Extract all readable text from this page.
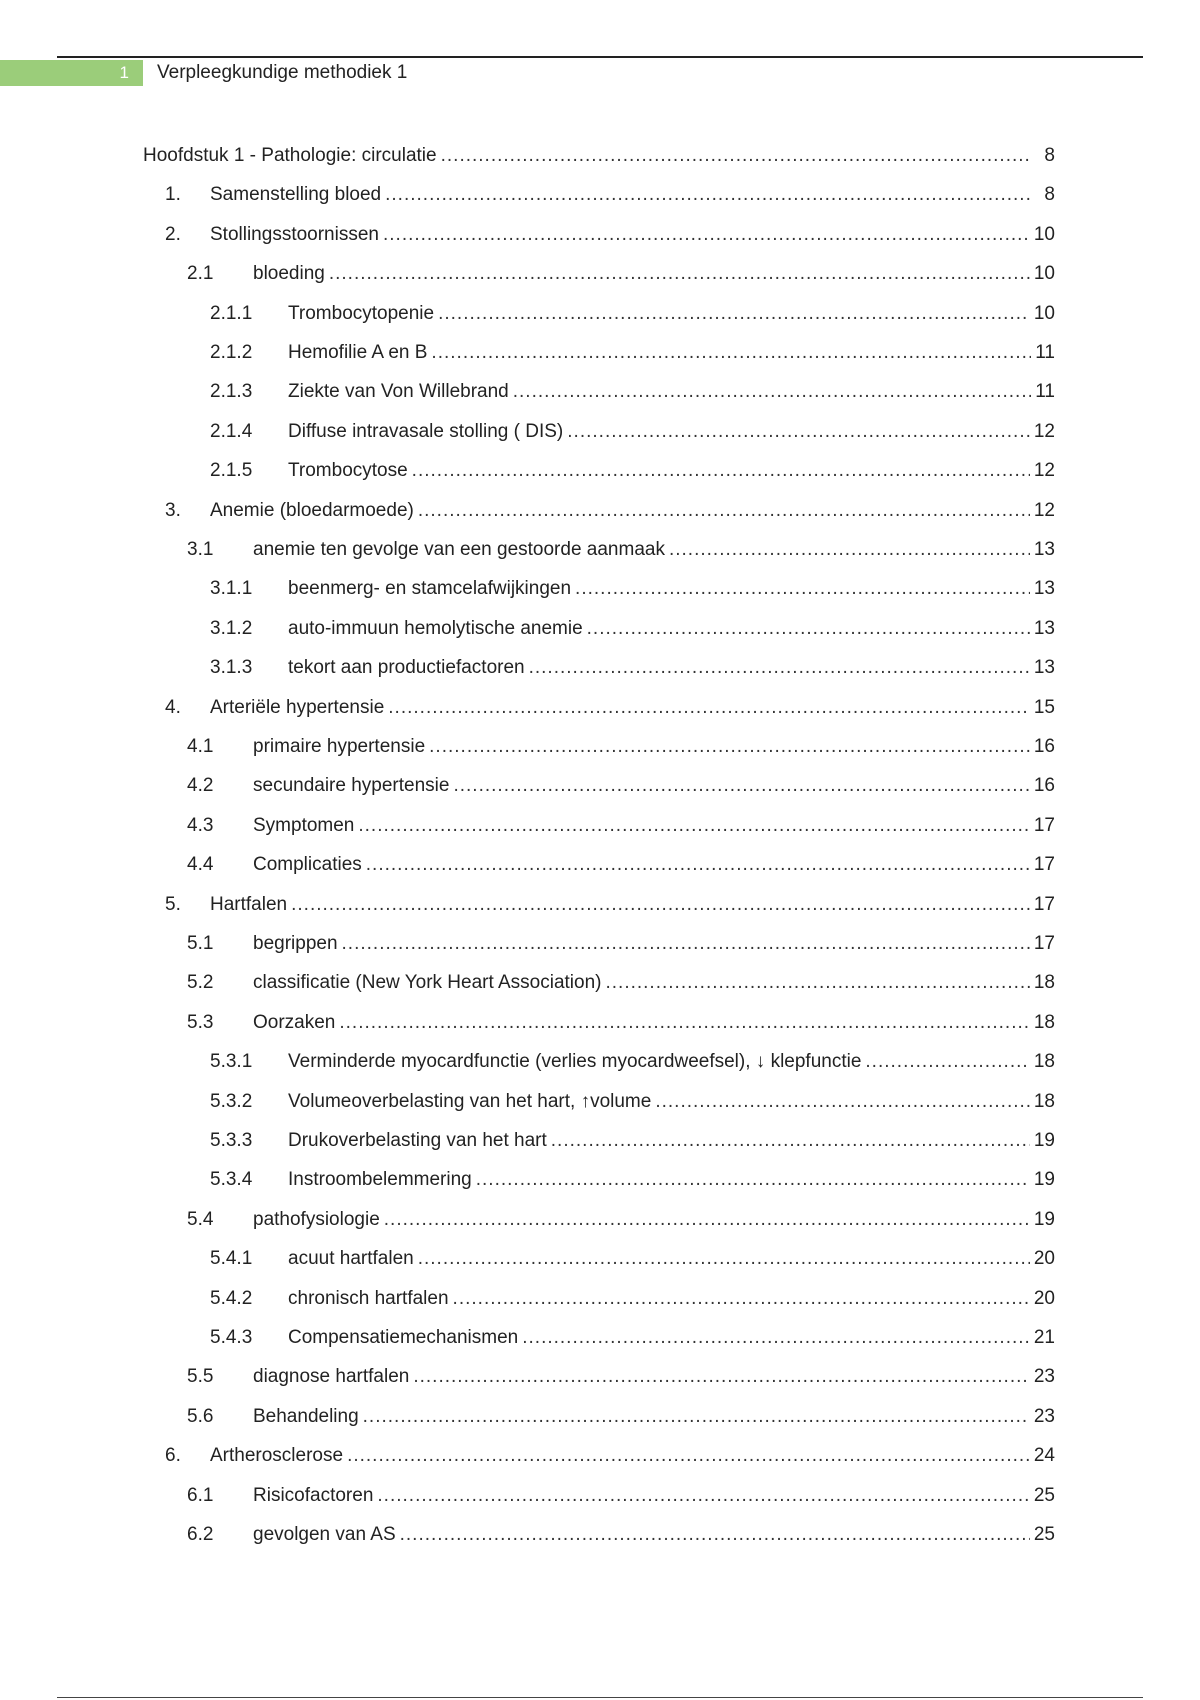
1	Verpleegkundige methodiek 1
Hoofdstuk 1 - Pathologie: circulatie .....	8
1.	Samenstelling bloed .....	8
2.	Stollingsstoornissen .....	10
2.1	bloeding .....	10
2.1.1	Trombocytopenie .....	10
2.1.2	Hemofilie A en B .....	11
2.1.3	Ziekte van Von Willebrand .....	11
2.1.4	Diffuse intravasale stolling ( DIS) .....	12
2.1.5	Trombocytose .....	12
3.	Anemie (bloedarmoede) .....	12
3.1	anemie ten gevolge van een gestoorde aanmaak .....	13
3.1.1	beenmerg- en stamcelafwijkingen .....	13
3.1.2	auto-immuun hemolytische anemie .....	13
3.1.3	tekort aan productiefactoren .....	13
4.	Arteriële hypertensie .....	15
4.1	primaire hypertensie .....	16
4.2	secundaire hypertensie .....	16
4.3	Symptomen .....	17
4.4	Complicaties .....	17
5.	Hartfalen .....	17
5.1	begrippen .....	17
5.2	classificatie (New York Heart Association) .....	18
5.3	Oorzaken .....	18
5.3.1	Verminderde myocardfunctie (verlies myocardweefsel), ↓ klepfunctie .....	18
5.3.2	Volumeoverbelasting van het hart, ↑volume .....	18
5.3.3	Drukoverbelasting van het hart .....	19
5.3.4	Instroombelemmering .....	19
5.4	pathofysiologie .....	19
5.4.1	acuut hartfalen .....	20
5.4.2	chronisch hartfalen .....	20
5.4.3	Compensatiemechanismen .....	21
5.5	diagnose hartfalen .....	23
5.6	Behandeling .....	23
6.	Artherosclerose .....	24
6.1	Risicofactoren .....	25
6.2	gevolgen van AS .....	25
